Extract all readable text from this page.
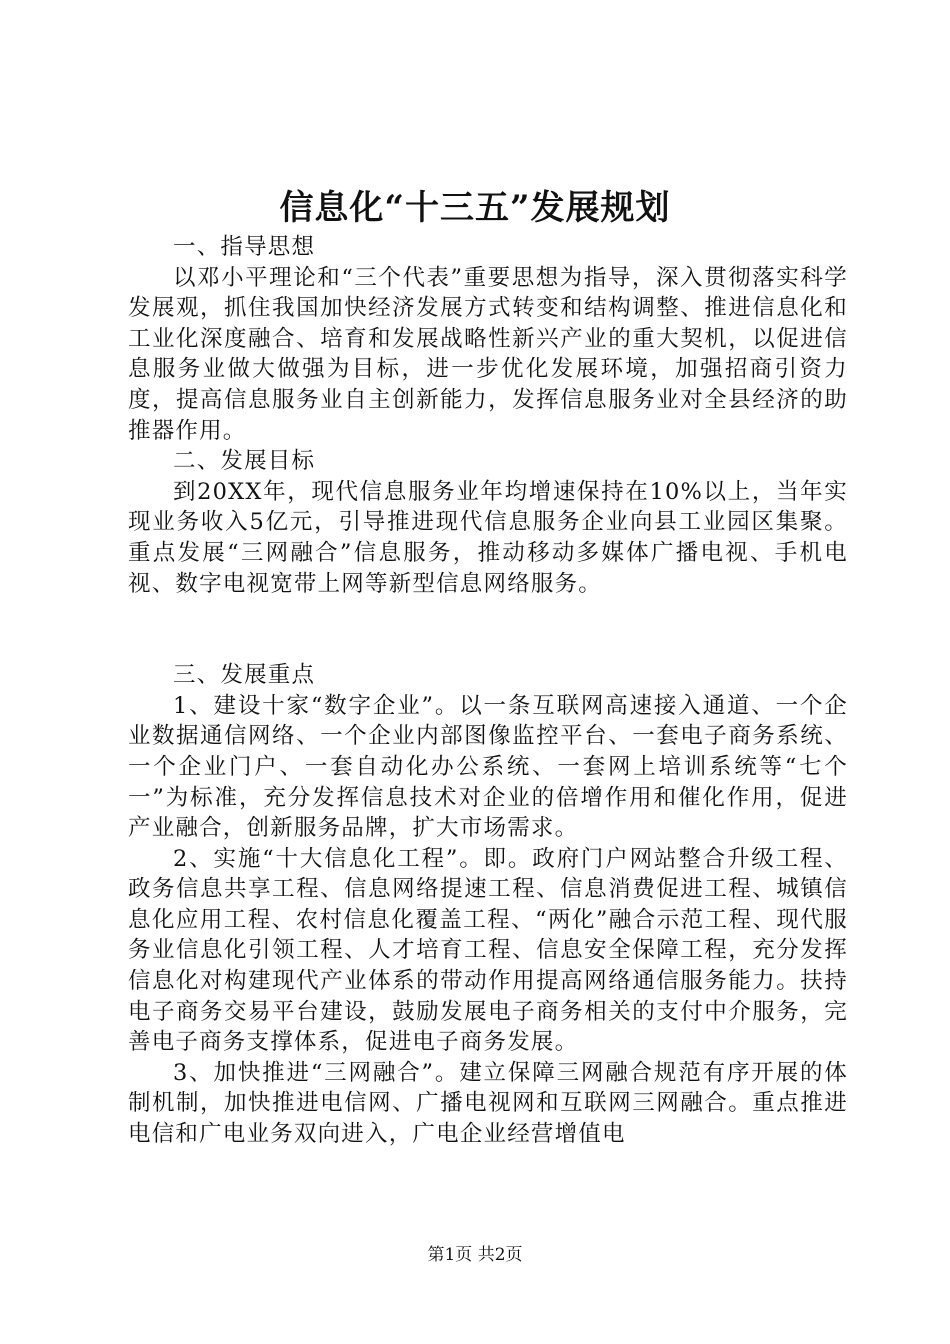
信息化“十三五”发展规划

一、指导思想

以邓小平理论和“三个代表”重要思想为指导，深入贯彻落实科学发展观，抓住我国加快经济发展方式转变和结构调整、推进信息化和工业化深度融合、培育和发展战略性新兴产业的重大契机，以促进信息服务业做大做强为目标，进一步优化发展环境，加强招商引资力度，提高信息服务业自主创新能力，发挥信息服务业对全县经济的助推器作用。

二、发展目标

到20XX年，现代信息服务业年均增速保持在10%以上，当年实现业务收入5亿元，引导推进现代信息服务企业向县工业园区集聚。重点发展“三网融合”信息服务，推动移动多媒体广播电视、手机电视、数字电视宽带上网等新型信息网络服务。

三、发展重点

1、建设十家“数字企业”。以一条互联网高速接入通道、一个企业数据通信网络、一个企业内部图像监控平台、一套电子商务系统、一个企业门户、一套自动化办公系统、一套网上培训系统等“七个一”为标准，充分发挥信息技术对企业的倍增作用和催化作用，促进产业融合，创新服务品牌，扩大市场需求。

2、实施“十大信息化工程”。即。政府门户网站整合升级工程、政务信息共享工程、信息网络提速工程、信息消费促进工程、城镇信息化应用工程、农村信息化覆盖工程、“两化”融合示范工程、现代服务业信息化引领工程、人才培育工程、信息安全保障工程，充分发挥信息化对构建现代产业体系的带动作用提高网络通信服务能力。扶持电子商务交易平台建设，鼓励发展电子商务相关的支付中介服务，完善电子商务支撑体系，促进电子商务发展。

3、加快推进“三网融合”。建立保障三网融合规范有序开展的体制机制，加快推进电信网、广播电视网和互联网三网融合。重点推进电信和广电业务双向进入，广电企业经营增值电

第1页 共2页
